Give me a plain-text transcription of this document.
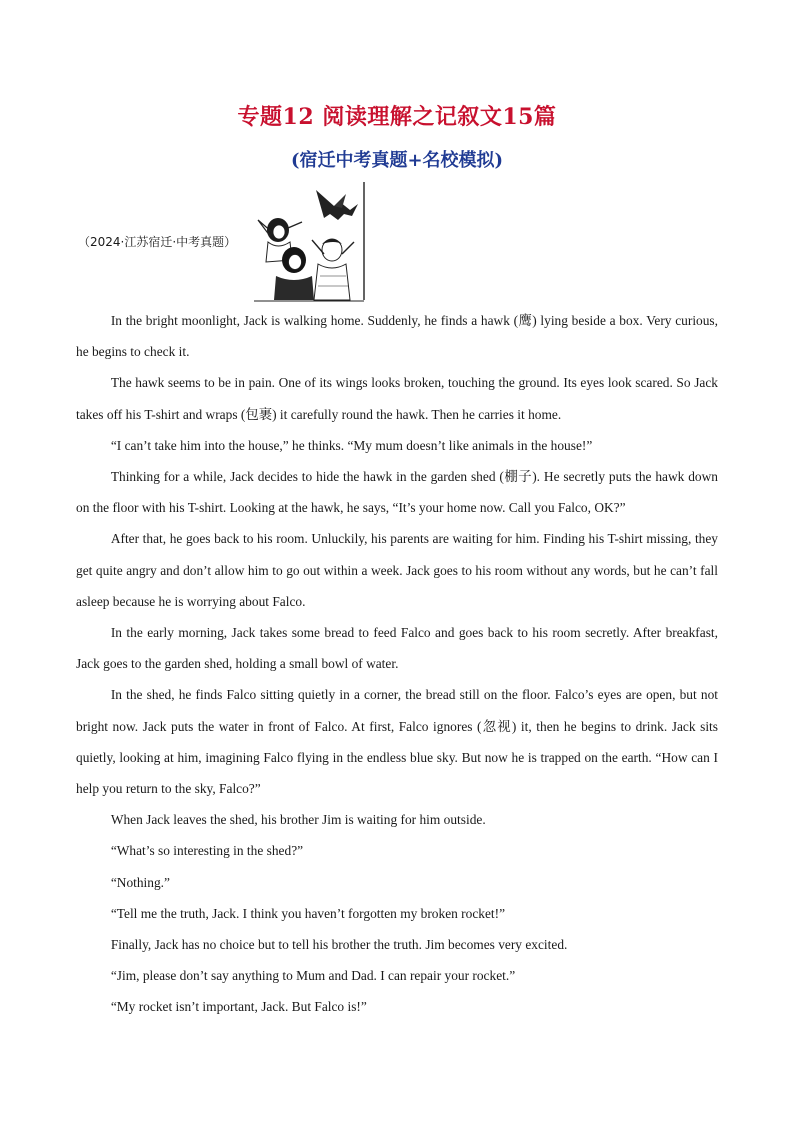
专题12 阅读理解之记叙文15篇
(宿迁中考真题+名校模拟)
（2024·江苏宿迁·中考真题）

In the bright moonlight, Jack is walking home. Suddenly, he finds a hawk (鹰) lying beside a box. Very curious, he begins to check it.

The hawk seems to be in pain. One of its wings looks broken, touching the ground. Its eyes look scared. So Jack takes off his T-shirt and wraps (包裹) it carefully round the hawk. Then he carries it home.

“I can’t take him into the house,” he thinks. “My mum doesn’t like animals in the house!”

Thinking for a while, Jack decides to hide the hawk in the garden shed (棚子). He secretly puts the hawk down on the floor with his T-shirt. Looking at the hawk, he says, “It’s your home now. Call you Falco, OK?”

After that, he goes back to his room. Unluckily, his parents are waiting for him. Finding his T-shirt missing, they get quite angry and don’t allow him to go out within a week. Jack goes to his room without any words, but he can’t fall asleep because he is worrying about Falco.

In the early morning, Jack takes some bread to feed Falco and goes back to his room secretly. After breakfast, Jack goes to the garden shed, holding a small bowl of water.

In the shed, he finds Falco sitting quietly in a corner, the bread still on the floor. Falco’s eyes are open, but not bright now. Jack puts the water in front of Falco. At first, Falco ignores (忽视) it, then he begins to drink. Jack sits quietly, looking at him, imagining Falco flying in the endless blue sky. But now he is trapped on the earth. “How can I help you return to the sky, Falco?”

When Jack leaves the shed, his brother Jim is waiting for him outside.

“What’s so interesting in the shed?”

“Nothing.”

“Tell me the truth, Jack. I think you haven’t forgotten my broken rocket!”

Finally, Jack has no choice but to tell his brother the truth. Jim becomes very excited.

“Jim, please don’t say anything to Mum and Dad. I can repair your rocket.”

“My rocket isn’t important, Jack. But Falco is!”
